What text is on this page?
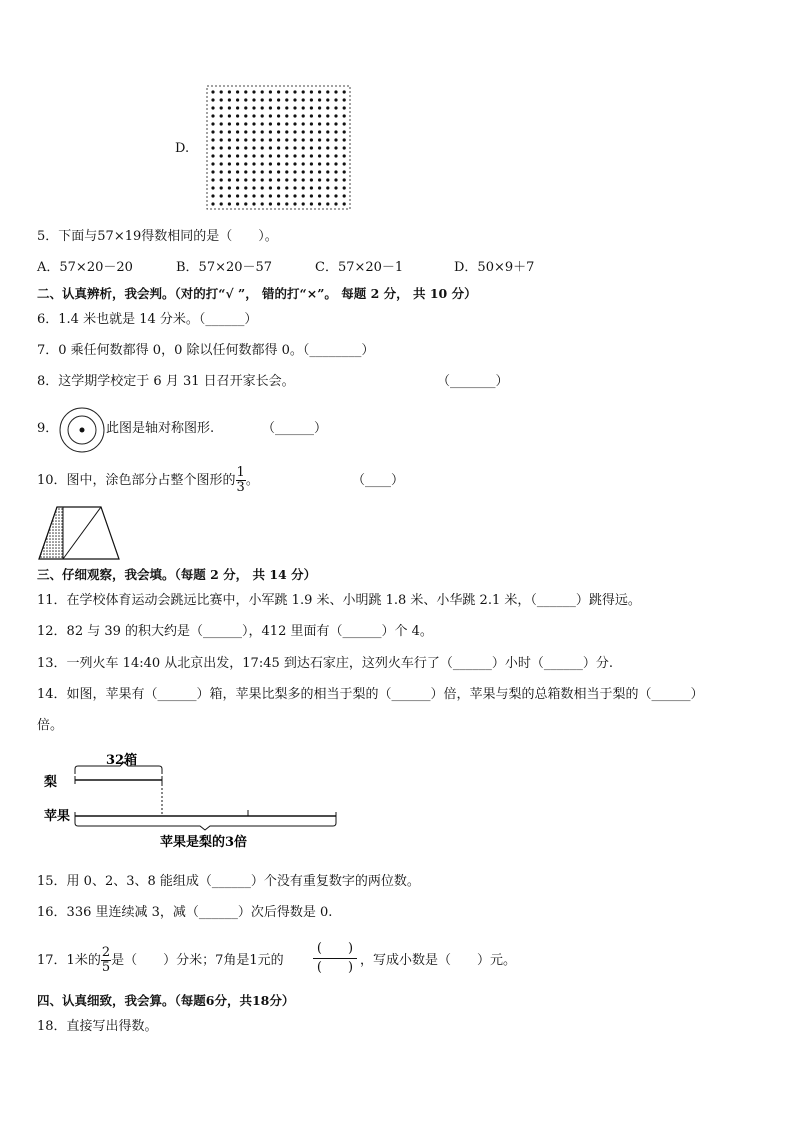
D.
5．下面与57×19得数相同的是（　　）。
A．57×20－20	B．57×20－57	C．57×20－1	D．50×9＋7
二、认真辨析，我会判。（对的打“√ ”， 错的打“×”。 每题 2 分， 共 10 分）
6．1.4 米也就是 14 分米。（______）
7．0 乘任何数都得 0，0 除以任何数都得 0。（________）
8．这学期学校定于 6 月 31 日召开家长会。	（_______）
9．	此图是轴对称图形.	（______）
10．图中，涂色部分占整个图形的 $\frac{1}{3}$ 。	（____）
三、仔细观察，我会填。（每题 2 分， 共 14 分）
11．在学校体育运动会跳远比赛中，小军跳 1.9 米、小明跳 1.8 米、小华跳 2.1 米，（______）跳得远。
12．82 与 39 的积大约是（______），412 里面有（______）个 4。
13．一列火车 14:40 从北京出发，17:45 到达石家庄，这列火车行了（______）小时（______）分.
14．如图，苹果有（______）箱，苹果比梨多的相当于梨的（______）倍，苹果与梨的总箱数相当于梨的（______）
倍。
梨
32箱
苹果
苹果是梨的3倍
15．用 0、2、3、8 能组成（______）个没有重复数字的两位数。
16．336 里连续减 3，减（______）次后得数是 0.
17．1米的 $\frac{2}{5}$ 是（　　）分米；7角是1元的
(　　)
(　　) ，写成小数是（　　）元。
四、认真细致，我会算。（每题6分，共18分）
18．直接写出得数。
